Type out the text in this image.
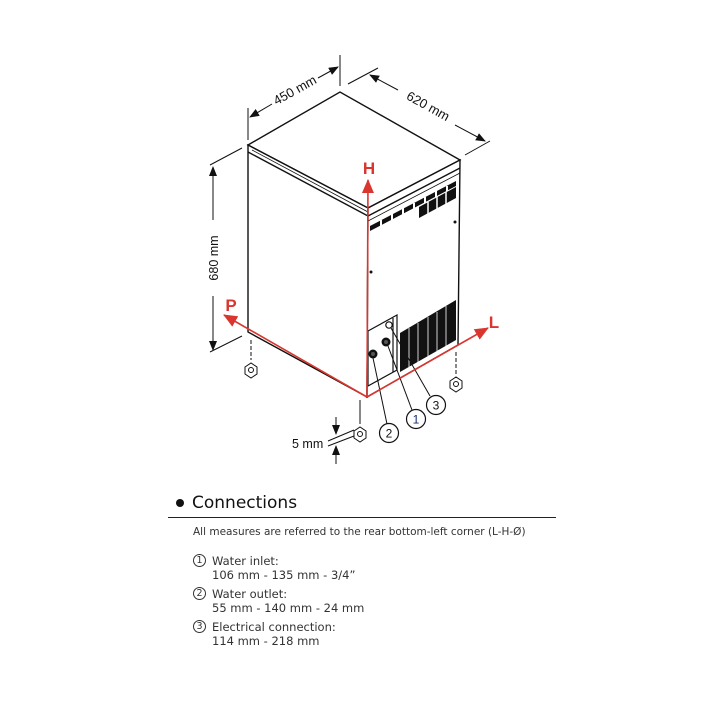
2
1
3
H
P
L
5 mm
450 mm	620 mm
680 mm
Connections
All measures are referred to the rear bottom-left corner (L-H-Ø)
1 Water inlet:
106 mm - 135 mm - 3/4”
2 Water outlet:
55 mm - 140 mm - 24 mm
3 Electrical connection:
114 mm - 218 mm
